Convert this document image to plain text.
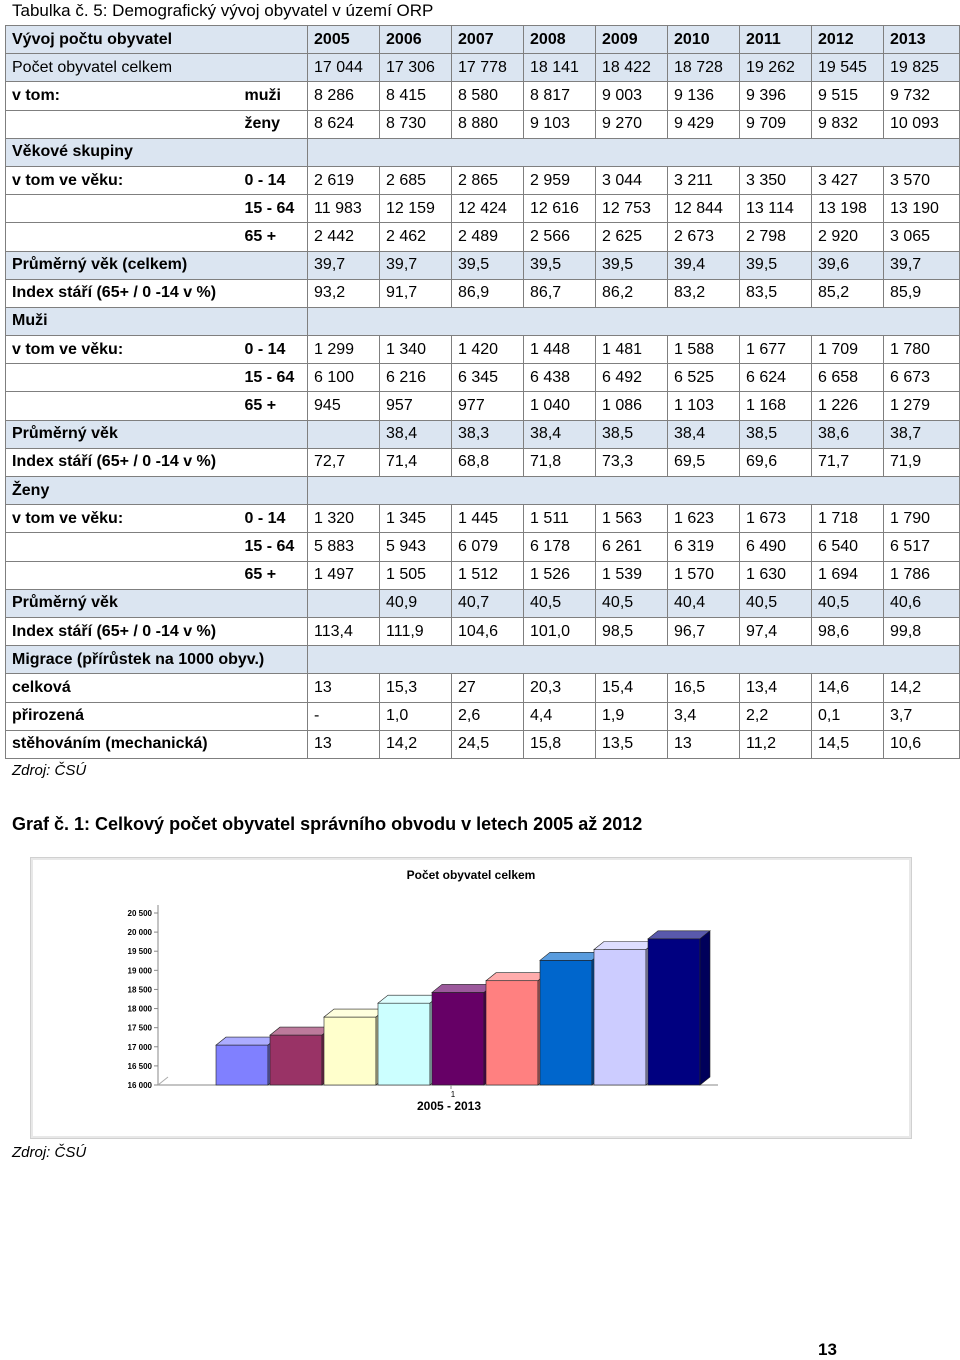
Tabulka č. 5: Demografický vývoj obyvatel v území ORP
Vývoj počtu obyvatel		2005	2006	2007	2008	2009	2010	2011	2012	2013
Počet obyvatel celkem		17 044	17 306	17 778	18 141	18 422	18 728	19 262	19 545	19 825
v tom:	muži	8 286	8 415	8 580	8 817	9 003	9 136	9 396	9 515	9 732
	ženy	8 624	8 730	8 880	9 103	9 270	9 429	9 709	9 832	10 093
Věkové skupiny										
v tom ve věku:	0 - 14	2 619	2 685	2 865	2 959	3 044	3 211	3 350	3 427	3 570
	15 - 64	11 983	12 159	12 424	12 616	12 753	12 844	13 114	13 198	13 190
	65 +	2 442	2 462	2 489	2 566	2 625	2 673	2 798	2 920	3 065
Průměrný věk (celkem)		39,7	39,7	39,5	39,5	39,5	39,4	39,5	39,6	39,7
Index stáří (65+ / 0 -14 v %)		93,2	91,7	86,9	86,7	86,2	83,2	83,5	85,2	85,9
Muži										
v tom ve věku:	0 - 14	1 299	1 340	1 420	1 448	1 481	1 588	1 677	1 709	1 780
	15 - 64	6 100	6 216	6 345	6 438	6 492	6 525	6 624	6 658	6 673
	65 +	945	957	977	1 040	1 086	1 103	1 168	1 226	1 279
Průměrný věk			38,4	38,3	38,4	38,5	38,4	38,5	38,6	38,7
Index stáří (65+ / 0 -14 v %)		72,7	71,4	68,8	71,8	73,3	69,5	69,6	71,7	71,9
Ženy										
v tom ve věku:	0 - 14	1 320	1 345	1 445	1 511	1 563	1 623	1 673	1 718	1 790
	15 - 64	5 883	5 943	6 079	6 178	6 261	6 319	6 490	6 540	6 517
	65 +	1 497	1 505	1 512	1 526	1 539	1 570	1 630	1 694	1 786
Průměrný věk			40,9	40,7	40,5	40,5	40,4	40,5	40,5	40,6
Index stáří (65+ / 0 -14 v %)		113,4	111,9	104,6	101,0	98,5	96,7	97,4	98,6	99,8
Migrace (přírůstek na 1000 obyv.)										
celková		13	15,3	27	20,3	15,4	16,5	13,4	14,6	14,2
přirozená		-	1,0	2,6	4,4	1,9	3,4	2,2	0,1	3,7
stěhováním (mechanická)		13	14,2	24,5	15,8	13,5	13	11,2	14,5	10,6
Zdroj: ČSÚ
Graf č. 1: Celkový počet obyvatel správního obvodu v letech 2005 až 2012
Počet obyvatel celkem
16 000
16 500
17 000
17 500
18 000
18 500
19 000
19 500
20 000
20 500
1
2005 - 2013
Zdroj: ČSÚ
13
